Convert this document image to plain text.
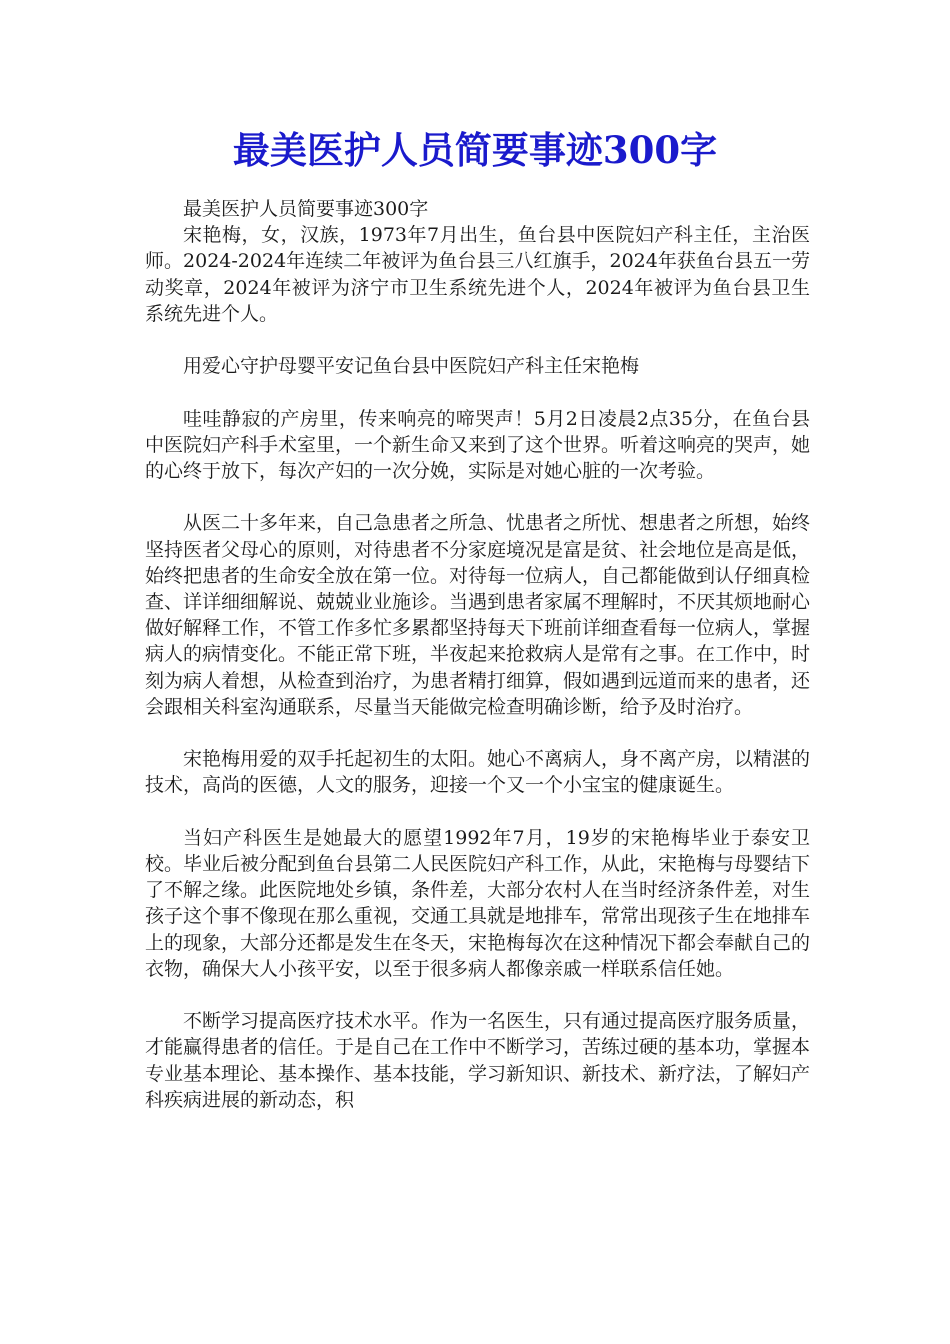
最美医护人员简要事迹300字

最美医护人员简要事迹300字

宋艳梅，女，汉族，1973年7月出生，鱼台县中医院妇产科主任，主治医师。2024-2024年连续二年被评为鱼台县三八红旗手，2024年获鱼台县五一劳动奖章，2024年被评为济宁市卫生系统先进个人，2024年被评为鱼台县卫生系统先进个人。

用爱心守护母婴平安记鱼台县中医院妇产科主任宋艳梅

哇哇静寂的产房里，传来响亮的啼哭声！5月2日凌晨2点35分，在鱼台县中医院妇产科手术室里，一个新生命又来到了这个世界。听着这响亮的哭声，她的心终于放下，每次产妇的一次分娩，实际是对她心脏的一次考验。

从医二十多年来，自己急患者之所急、忧患者之所忧、想患者之所想，始终坚持医者父母心的原则，对待患者不分家庭境况是富是贫、社会地位是高是低，始终把患者的生命安全放在第一位。对待每一位病人，自己都能做到认仔细真检查、详详细细解说、兢兢业业施诊。当遇到患者家属不理解时，不厌其烦地耐心做好解释工作，不管工作多忙多累都坚持每天下班前详细查看每一位病人，掌握病人的病情变化。不能正常下班，半夜起来抢救病人是常有之事。在工作中，时刻为病人着想，从检查到治疗，为患者精打细算，假如遇到远道而来的患者，还会跟相关科室沟通联系，尽量当天能做完检查明确诊断，给予及时治疗。

宋艳梅用爱的双手托起初生的太阳。她心不离病人，身不离产房，以精湛的技术，高尚的医德，人文的服务，迎接一个又一个小宝宝的健康诞生。

当妇产科医生是她最大的愿望1992年7月，19岁的宋艳梅毕业于泰安卫校。毕业后被分配到鱼台县第二人民医院妇产科工作，从此，宋艳梅与母婴结下了不解之缘。此医院地处乡镇，条件差，大部分农村人在当时经济条件差，对生孩子这个事不像现在那么重视，交通工具就是地排车，常常出现孩子生在地排车上的现象，大部分还都是发生在冬天，宋艳梅每次在这种情况下都会奉献自己的衣物，确保大人小孩平安，以至于很多病人都像亲戚一样联系信任她。

不断学习提高医疗技术水平。作为一名医生，只有通过提高医疗服务质量，才能赢得患者的信任。于是自己在工作中不断学习，苦练过硬的基本功，掌握本专业基本理论、基本操作、基本技能，学习新知识、新技术、新疗法，了解妇产科疾病进展的新动态，积
